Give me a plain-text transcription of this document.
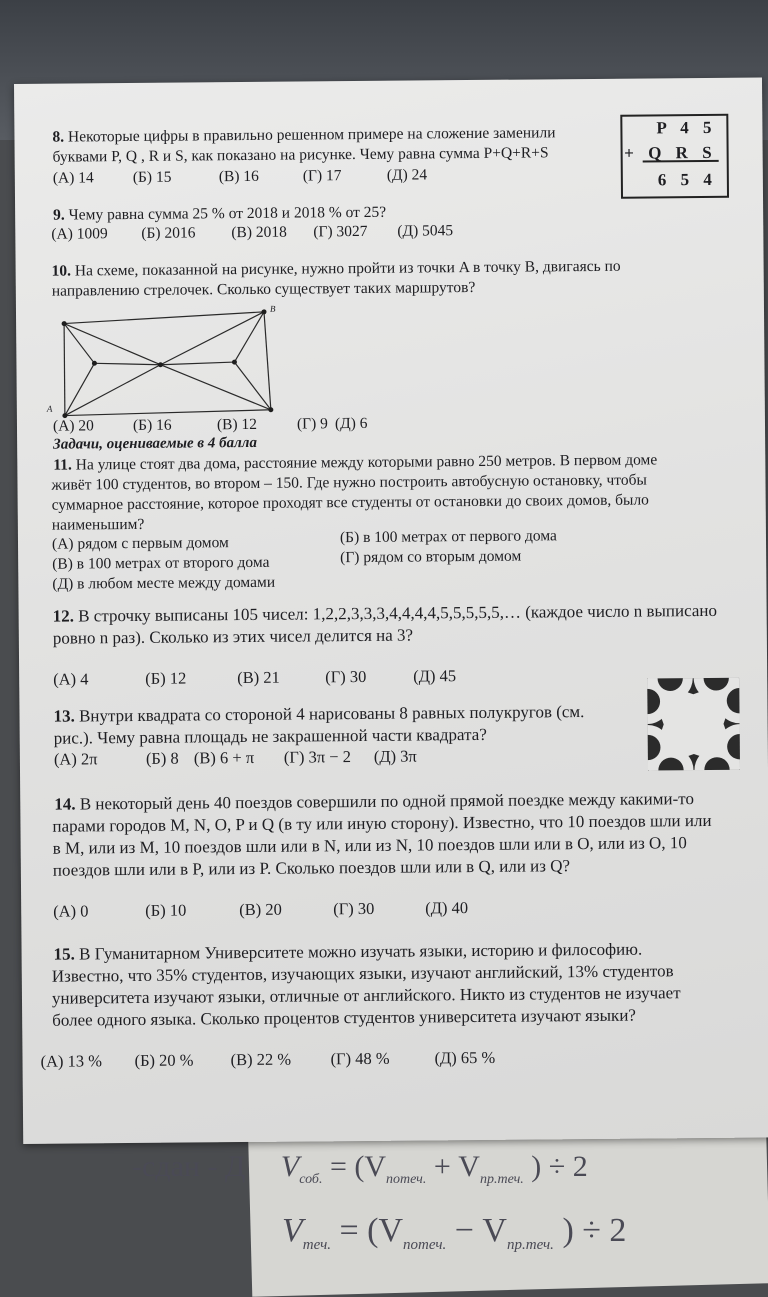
-сдан - Д $V_{соб.} = (V_{потеч.} + V_{пр.теч.}$ ) ÷ 2
$V_{теч.} = (V_{потеч.} - V_{пр.теч.}$ ) ÷ 2
8. Некоторые цифры в правильно решенном примере на сложение заменили
буквами P, Q , R и S, как показано на рисунке. Чему равна сумма P+Q+R+S
(А) 14	(Б) 15	(В) 16	(Г) 17	(Д) 24
P 4 5
+ Q R S
6 5 4
9. Чему равна сумма 25 % от 2018 и 2018 % от 25?
(А) 1009 (Б) 2016 (В) 2018 (Г) 3027 (Д) 5045
10. На схеме, показанной на рисунке, нужно пройти из точки A в точку B, двигаясь по
направлению стрелочек. Сколько существует таких маршрутов?
A
B
(А) 20	(Б) 16	(В) 12	(Г) 9 (Д) 6
Задачи, оцениваемые в 4 балла
11. На улице стоят два дома, расстояние между которыми равно 250 метров. В первом доме
живёт 100 студентов, во втором – 150. Где нужно построить автобусную остановку, чтобы
суммарное расстояние, которое проходят все студенты от остановки до своих домов, было
наименьшим?
(А) рядом с первым домом	(Б) в 100 метрах от первого дома
(В) в 100 метрах от второго дома	(Г) рядом со вторым домом
(Д) в любом месте между домами
12. В строчку выписаны 105 чисел: 1,2,2,3,3,3,4,4,4,4,5,5,5,5,5,… (каждое число n выписано
ровно n раз). Сколько из этих чисел делится на 3?
(А) 4	(Б) 12	(В) 21	(Г) 30	(Д) 45
13. Внутри квадрата со стороной 4 нарисованы 8 равных полукругов (см.
рис.). Чему равна площадь не закрашенной части квадрата?
(А) 2π	(Б) 8 (В) 6 + π (Г) 3π − 2 (Д) 3π
14. В некоторый день 40 поездов совершили по одной прямой поездке между какими-то
парами городов M, N, O, P и Q (в ту или иную сторону). Известно, что 10 поездов шли или
в M, или из M, 10 поездов шли или в N, или из N, 10 поездов шли или в O, или из O, 10
поездов шли или в P, или из P. Сколько поездов шли или в Q, или из Q?
(А) 0	(Б) 10	(В) 20	(Г) 30	(Д) 40
15. В Гуманитарном Университете можно изучать языки, историю и философию.
Известно, что 35% студентов, изучающих языки, изучают английский, 13% студентов
университета изучают языки, отличные от английского. Никто из студентов не изучает
более одного языка. Сколько процентов студентов университета изучают языки?
(А) 13 % (Б) 20 % (В) 22 % (Г) 48 %	(Д) 65 %
